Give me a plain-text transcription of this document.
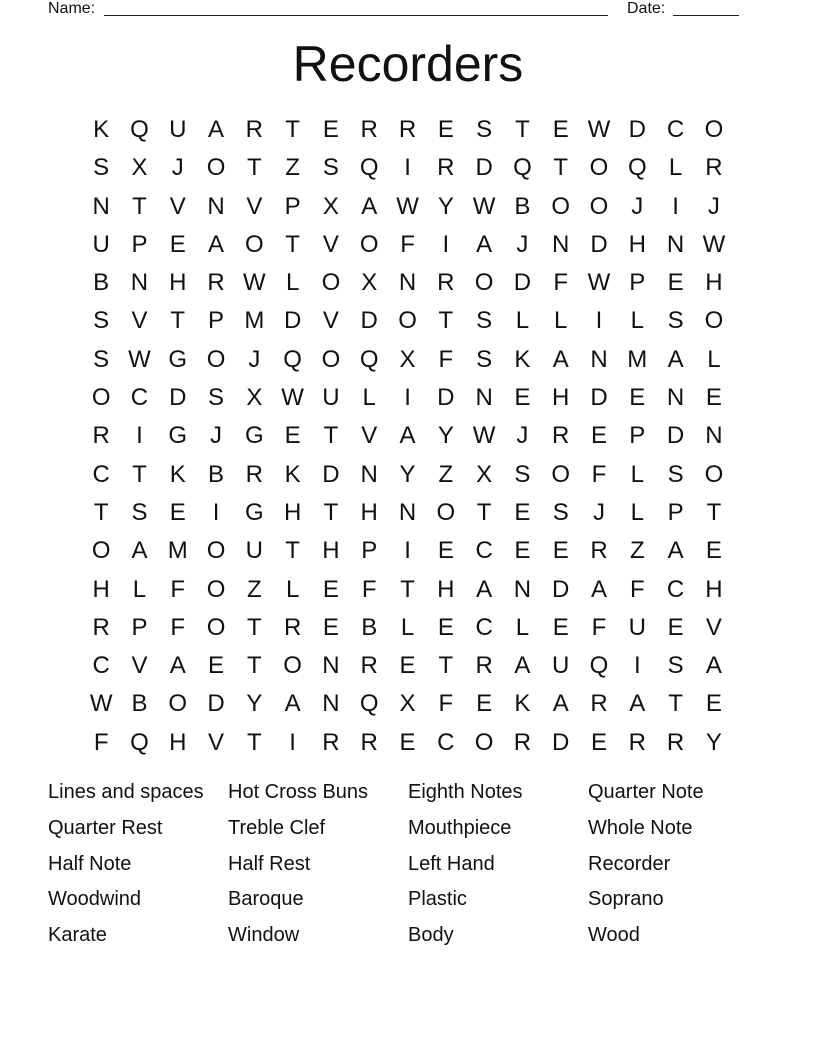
Name:	Date:
Recorders
K Q U A R T E R R E S T E W D C O
S X	J O T Z S Q	I	R D Q T O Q L R
N T V N V P X A W Y W B O O J	I	J
U P E A O T V O F	I	A	J N D H N W
B N H R W L O X N R O D F W P E H
S V T P M D V D O T S L	L	I	L S O
S W G O J Q O Q X F S K A N M A L
O C D S X W U L	I	D N E H D E N E
R	I	G J G E T V A Y W J R E P D N
C T K B R K D N Y Z X S O F	L S O
T S E	I	G H T H N O T E S	J	L P T
O A M O U T H P	I	E C E E R Z A E
H L	F O Z	L E F T H A N D A F C H
R P F O T R E B L E C L E F U E V
C V A E T O N R E T R A U Q	I	S A
W B O D Y A N Q X F E K A R A T E
F Q H V T	I	R R E C O R D E R R Y
Lines and spaces	Hot Cross Buns	Eighth Notes	Quarter Note
Quarter Rest	Treble Clef	Mouthpiece	Whole Note
Half Note	Half Rest	Left Hand	Recorder
Woodwind	Baroque	Plastic	Soprano
Karate	Window	Body	Wood
